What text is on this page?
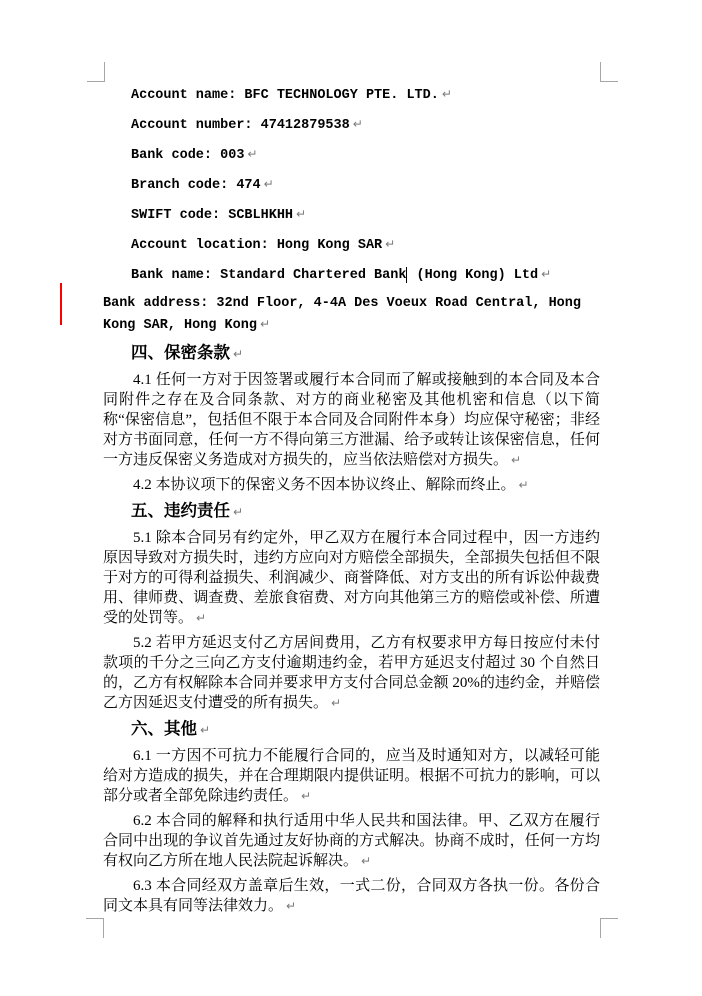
Account name: BFC TECHNOLOGY PTE. LTD. ↵

Account number: 47412879538 ↵

Bank code: 003 ↵

Branch code: 474 ↵

SWIFT code: SCBLHKHH ↵

Account location: Hong Kong SAR ↵

Bank name: Standard Chartered Bank (Hong Kong) Ltd ↵

Bank address: 32nd Floor, 4-4A Des Voeux Road Central, Hong Kong SAR, Hong Kong ↵

四、保密条款 ↵

4.1 任何一方对于因签署或履行本合同而了解或接触到的本合同及本合同附件之存在及合同条款、对方的商业秘密及其他机密和信息（以下简称“保密信息”，包括但不限于本合同及合同附件本身）均应保守秘密；非经对方书面同意，任何一方不得向第三方泄漏、给予或转让该保密信息，任何一方违反保密义务造成对方损失的，应当依法赔偿对方损失。 ↵

4.2 本协议项下的保密义务不因本协议终止、解除而终止。 ↵

五、违约责任 ↵

5.1 除本合同另有约定外，甲乙双方在履行本合同过程中，因一方违约原因导致对方损失时，违约方应向对方赔偿全部损失，全部损失包括但不限于对方的可得利益损失、利润减少、商誉降低、对方支出的所有诉讼仲裁费用、律师费、调查费、差旅食宿费、对方向其他第三方的赔偿或补偿、所遭受的处罚等。 ↵

5.2 若甲方延迟支付乙方居间费用，乙方有权要求甲方每日按应付未付款项的千分之三向乙方支付逾期违约金，若甲方延迟支付超过 30 个自然日的，乙方有权解除本合同并要求甲方支付合同总金额 20%的违约金，并赔偿乙方因延迟支付遭受的所有损失。 ↵

六、其他 ↵

6.1 一方因不可抗力不能履行合同的，应当及时通知对方，以减轻可能给对方造成的损失，并在合理期限内提供证明。根据不可抗力的影响，可以部分或者全部免除违约责任。 ↵

6.2 本合同的解释和执行适用中华人民共和国法律。甲、乙双方在履行合同中出现的争议首先通过友好协商的方式解决。协商不成时，任何一方均有权向乙方所在地人民法院起诉解决。 ↵

6.3 本合同经双方盖章后生效，一式二份，合同双方各执一份。各份合同文本具有同等法律效力。 ↵
